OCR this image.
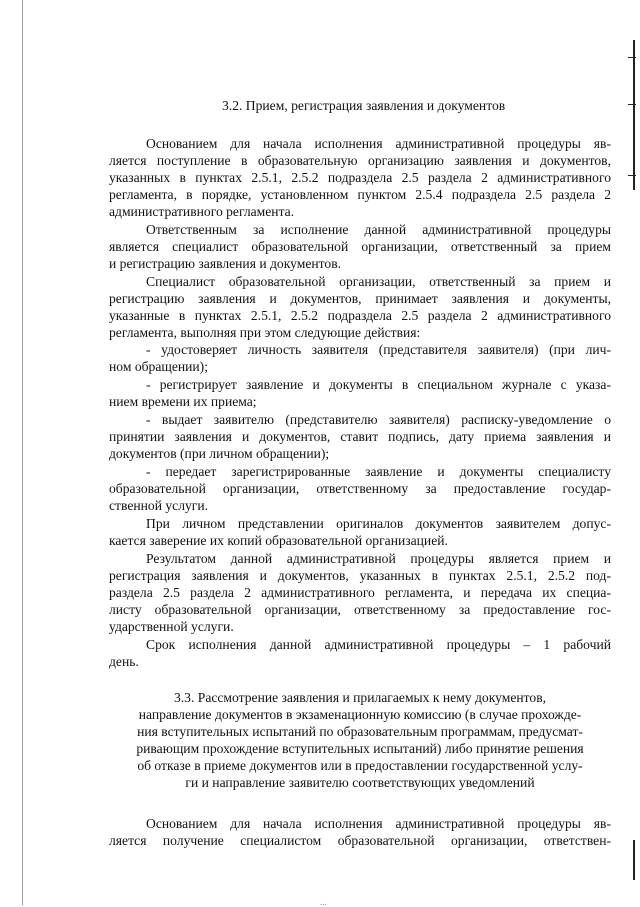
3.2. Прием, регистрация заявления и документов
Основанием для начала исполнения административной процедуры яв-
ляется поступление в образовательную организацию заявления и документов,
указанных в пунктах 2.5.1, 2.5.2 подраздела 2.5 раздела 2 административного
регламента, в порядке, установленном пунктом 2.5.4 подраздела 2.5 раздела 2
административного регламента.
Ответственным за исполнение данной административной процедуры
является специалист образовательной организации, ответственный за прием
и регистрацию заявления и документов.
Специалист образовательной организации, ответственный за прием и
регистрацию заявления и документов, принимает заявления и документы,
указанные в пунктах 2.5.1, 2.5.2 подраздела 2.5 раздела 2 административного
регламента, выполняя при этом следующие действия:
- удостоверяет личность заявителя (представителя заявителя) (при лич-
ном обращении);
- регистрирует заявление и документы в специальном журнале с указа-
нием времени их приема;
- выдает заявителю (представителю заявителя) расписку-уведомление о
принятии заявления и документов, ставит подпись, дату приема заявления и
документов (при личном обращении);
- передает зарегистрированные заявление и документы специалисту
образовательной организации, ответственному за предоставление государ-
ственной услуги.
При личном представлении оригиналов документов заявителем допус-
кается заверение их копий образовательной организацией.
Результатом данной административной процедуры является прием и
регистрация заявления и документов, указанных в пунктах 2.5.1, 2.5.2 под-
раздела 2.5 раздела 2 административного регламента, и передача их специа-
листу образовательной организации, ответственному за предоставление гос-
ударственной услуги.
Срок исполнения данной административной процедуры – 1 рабочий
день.
3.3. Рассмотрение заявления и прилагаемых к нему документов,
направление документов в экзаменационную комиссию (в случае прохожде-
ния вступительных испытаний по образовательным программам, предусмат-
ривающим прохождение вступительных испытаний) либо принятие решения
об отказе в приеме документов или в предоставлении государственной услу-
ги и направление заявителю соответствующих уведомлений
Основанием для начала исполнения административной процедуры яв-
ляется получение специалистом образовательной организации, ответствен-
...
